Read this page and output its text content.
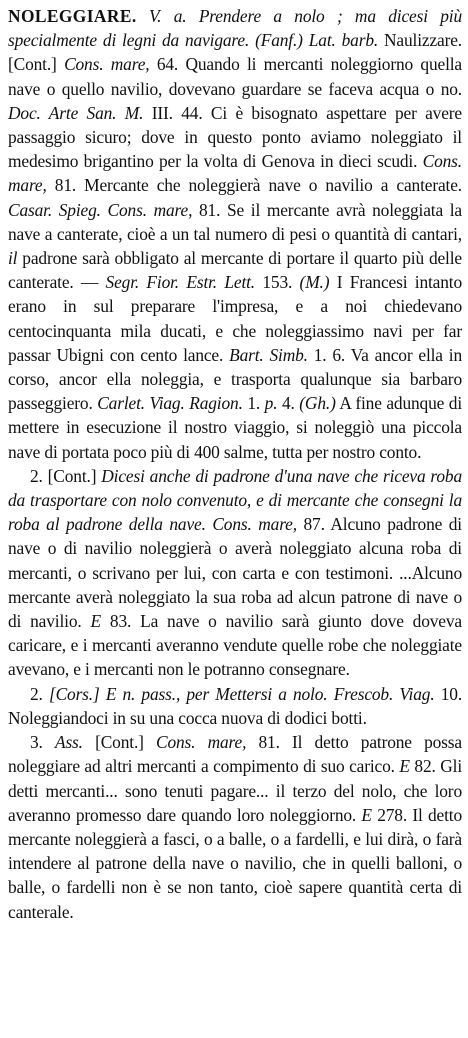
NOLEGGIARE. V. a. Prendere a nolo ; ma dicesi più specialmente di legni da navigare. (Fanf.) Lat. barb. Naulizzare. [Cont.] Cons. mare, 64. Quando li mercanti noleggiorno quella nave o quello navilio, dovevano guardare se faceva acqua o no. Doc. Arte San. M. III. 44. Ci è bisognato aspettare per avere passaggio sicuro; dove in questo ponto aviamo noleggiato il medesimo brigantino per la volta di Genova in dieci scudi. Cons. mare, 81. Mercante che noleggierà nave o navilio a canterate. Casar. Spieg. Cons. mare, 81. Se il mercante avrà noleggiata la nave a canterate, cioè a un tal numero di pesi o quantità di cantari, il padrone sarà obbligato al mercante di portare il quarto più delle canterate. — Segr. Fior. Estr. Lett. 153. (M.) I Francesi intanto erano in sul preparare l'impresa, e a noi chiedevano centocinquanta mila ducati, e che noleggiassimo navi per far passar Ubigni con cento lance. Bart. Simb. 1. 6. Va ancor ella in corso, ancor ella noleggia, e trasporta qualunque sia barbaro passeggiero. Carlet. Viag. Ragion. 1. p. 4. (Gh.) A fine adunque di mettere in esecuzione il nostro viaggio, si noleggiò una piccola nave di portata poco più di 400 salme, tutta per nostro conto.

2. [Cont.] Dicesi anche di padrone d'una nave che riceva roba da trasportare con nolo convenuto, e di mercante che consegni la roba al padrone della nave. Cons. mare, 87. Alcuno padrone di nave o di navilio noleggierà o averà noleggiato alcuna roba di mercanti, o scrivano per lui, con carta e con testimoni. ...Alcuno mercante averà noleggiato la sua roba ad alcun patrone di nave o di navilio. E 83. La nave o navilio sarà giunto dove doveva caricare, e i mercanti averanno vendute quelle robe che noleggiate avevano, e i mercanti non le potranno consegnare.

2. [Cors.] E n. pass., per Mettersi a nolo. Frescob. Viag. 10. Noleggiandoci in su una cocca nuova di dodici botti.

3. Ass. [Cont.] Cons. mare, 81. Il detto patrone possa noleggiare ad altri mercanti a compimento di suo carico. E 82. Gli detti mercanti... sono tenuti pagare... il terzo del nolo, che loro averanno promesso dare quando loro noleggiorno. E 278. Il detto mercante noleggierà a fasci, o a balle, o a fardelli, e lui dirà, o farà intendere al patrone della nave o navilio, che in quelli balloni, o balle, o fardelli non è se non tanto, cioè sapere quantità certa di canterale.
